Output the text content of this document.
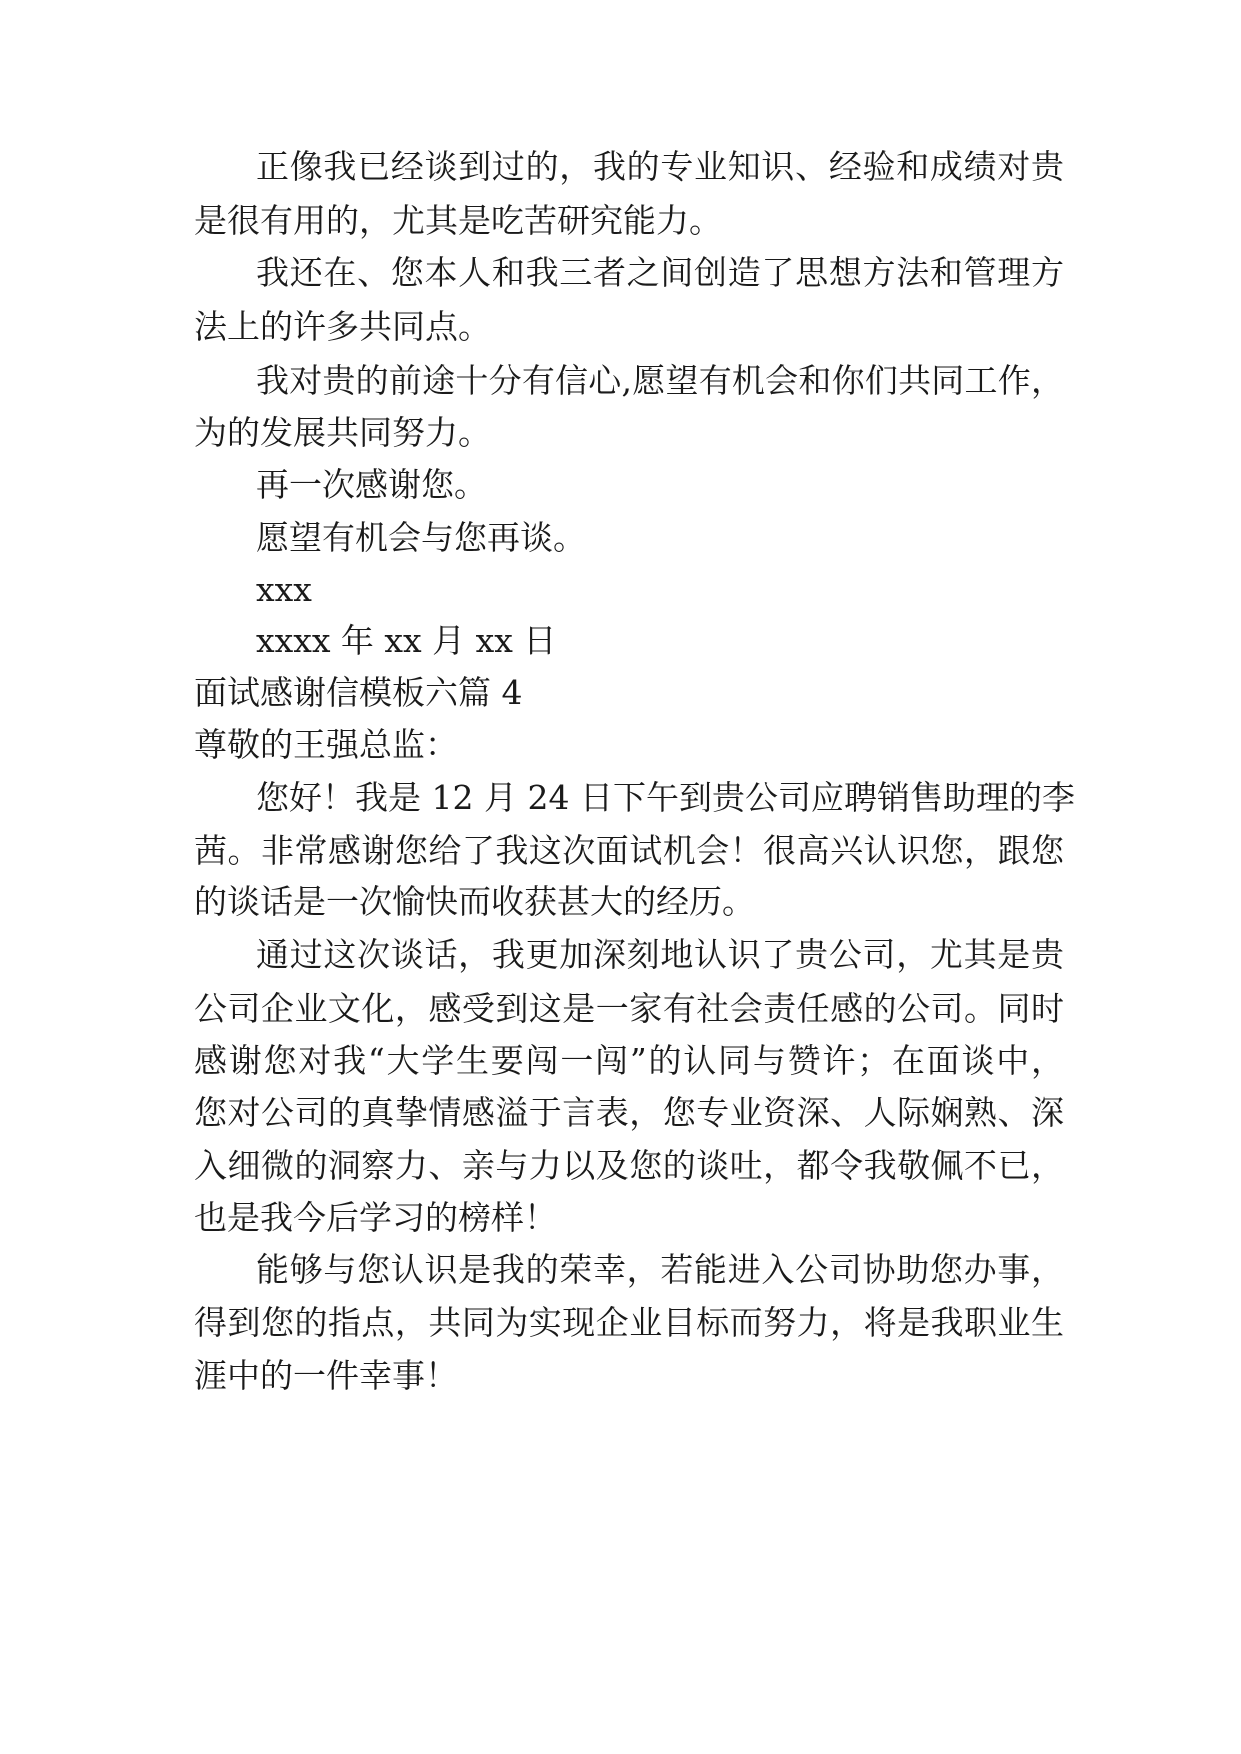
正像我已经谈到过的，我的专业知识、经验和成绩对贵
是很有用的，尤其是吃苦研究能力。
我还在、您本人和我三者之间创造了思想方法和管理方
法上的许多共同点。
我对贵的前途十分有信心,愿望有机会和你们共同工作，
为的发展共同努力。
再一次感谢您。
愿望有机会与您再谈。
xxx
xxxx 年 xx 月 xx 日
面试感谢信模板六篇 4
尊敬的王强总监：
您好！我是 12 月 24 日下午到贵公司应聘销售助理的李
茜。非常感谢您给了我这次面试机会！很高兴认识您，跟您
的谈话是一次愉快而收获甚大的经历。
通过这次谈话，我更加深刻地认识了贵公司，尤其是贵
公司企业文化，感受到这是一家有社会责任感的公司。同时
感谢您对我“大学生要闯一闯”的认同与赞许；在面谈中，
您对公司的真挚情感溢于言表，您专业资深、人际娴熟、深
入细微的洞察力、亲与力以及您的谈吐，都令我敬佩不已，
也是我今后学习的榜样！
能够与您认识是我的荣幸，若能进入公司协助您办事，
得到您的指点，共同为实现企业目标而努力，将是我职业生
涯中的一件幸事！
